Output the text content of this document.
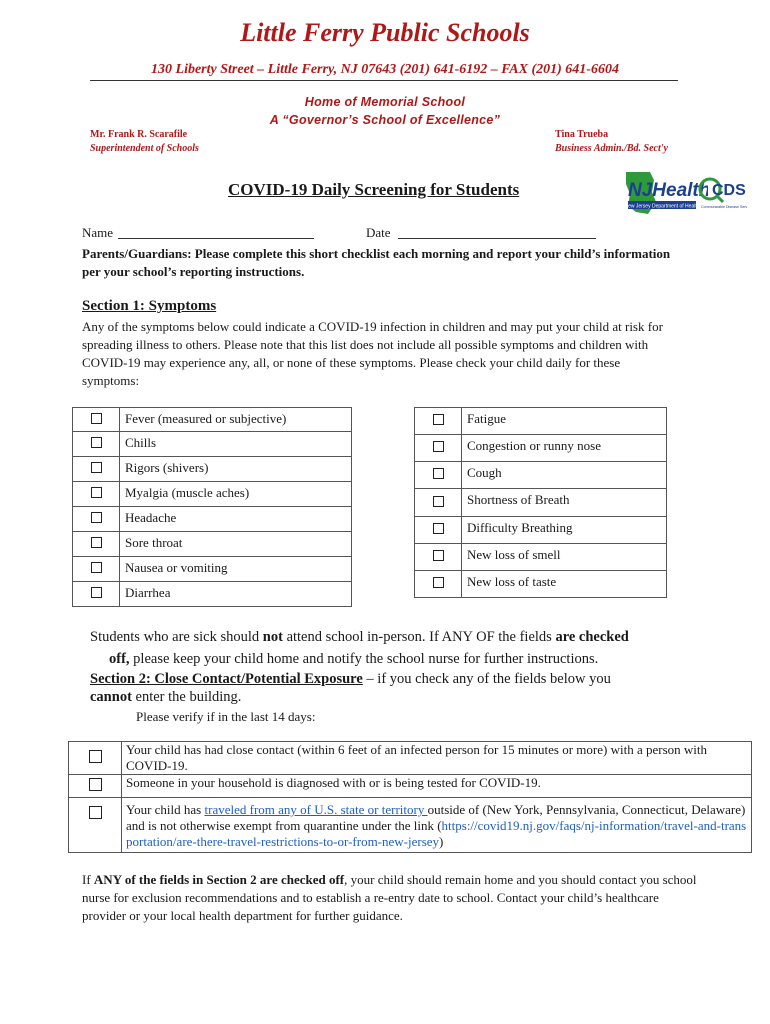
Little Ferry Public Schools
130 Liberty Street – Little Ferry, NJ 07643 (201) 641-6192 – FAX (201) 641-6604
Home of Memorial School
A “Governor’s School of Excellence”
Mr. Frank R. Scarafile
Superintendent of Schools
Tina Trueba
Business Admin./Bd. Sect'y
COVID-19 Daily Screening for Students	NJHealth
New Jersey Department of Health
CDS
Communicable Disease Service
Name	Date
Parents/Guardians: Please complete this short checklist each morning and report your child’s information per your school’s reporting instructions.
Section 1: Symptoms
Any of the symptoms below could indicate a COVID-19 infection in children and may put your child at risk for spreading illness to others. Please note that this list does not include all possible symptoms and children with COVID-19 may experience any, all, or none of these symptoms. Please check your child daily for these symptoms:
	Fever (measured or subjective)
	Chills
	Rigors (shivers)
	Myalgia (muscle aches)
	Headache
	Sore throat
	Nausea or vomiting
	Diarrhea
	Fatigue
	Congestion or runny nose
	Cough
	Shortness of Breath
	Difficulty Breathing
	New loss of smell
	New loss of taste
Students who are sick should not attend school in-person. If ANY OF the fields are checked
off, please keep your child home and notify the school nurse for further instructions.
Section 2: Close Contact/Potential Exposure – if you check any of the fields below you
cannot enter the building.
Please verify if in the last 14 days:
	Your child has had close contact (within 6 feet of an infected person for 15 minutes or more) with a person with COVID-19.
	Someone in your household is diagnosed with or is being tested for COVID-19.
	Your child has traveled from any of U.S. state or territory outside of (New York, Pennsylvania, Connecticut, Delaware) and is not otherwise exempt from quarantine under the link (https://covid19.nj.gov/faqs/nj-information/travel-and-transportation/are-there-travel-restrictions-to-or-from-new-jersey)
If ANY of the fields in Section 2 are checked off, your child should remain home and you should contact you school nurse for exclusion recommendations and to establish a re-entry date to school. Contact your child’s healthcare provider or your local health department for further guidance.
